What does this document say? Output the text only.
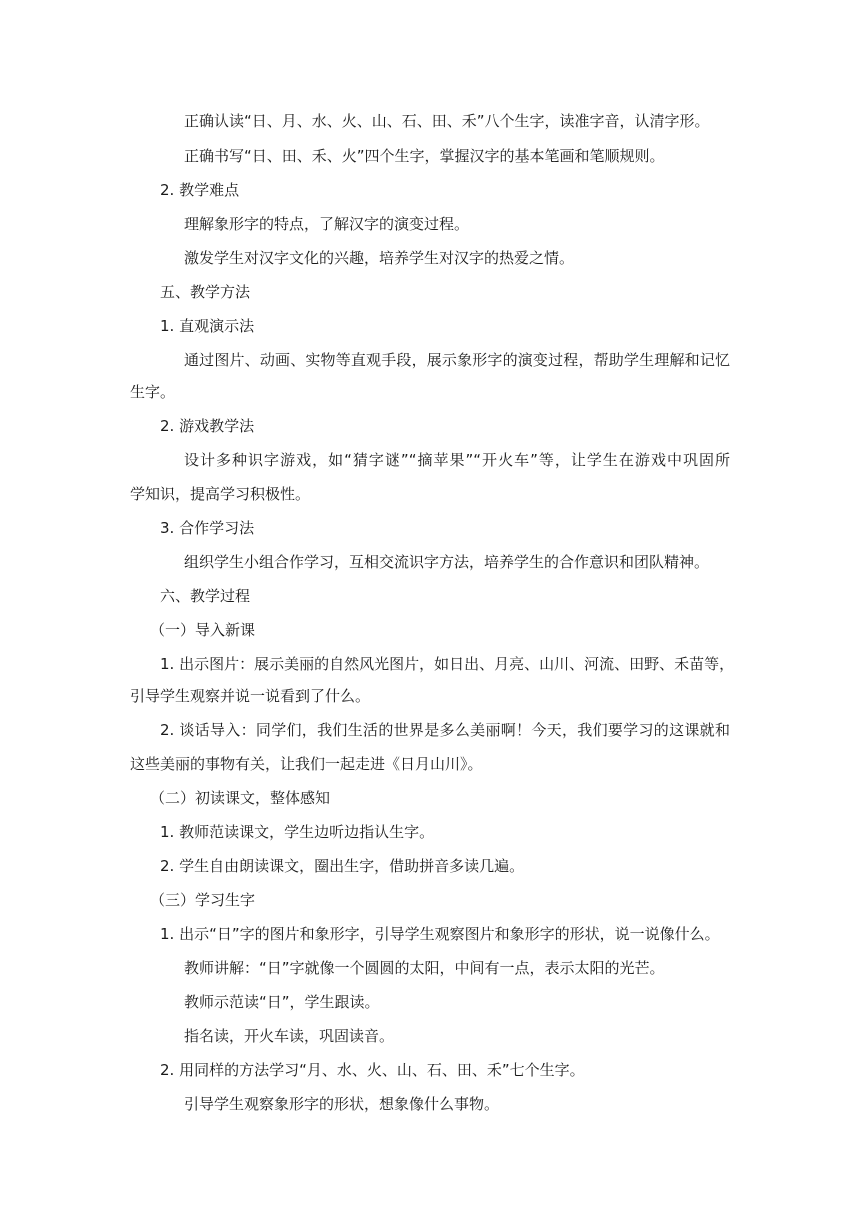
正确认读“日、月、水、火、山、石、田、禾”八个生字，读准字音，认清字形。
正确书写“日、田、禾、火”四个生字，掌握汉字的基本笔画和笔顺规则。
2. 教学难点
理解象形字的特点，了解汉字的演变过程。
激发学生对汉字文化的兴趣，培养学生对汉字的热爱之情。
五、教学方法
1. 直观演示法
通过图片、动画、实物等直观手段，展示象形字的演变过程，帮助学生理解和记忆
生字。
2. 游戏教学法
设计多种识字游戏，如“猜字谜”“摘苹果”“开火车”等，让学生在游戏中巩固所
学知识，提高学习积极性。
3. 合作学习法
组织学生小组合作学习，互相交流识字方法，培养学生的合作意识和团队精神。
六、教学过程
（一）导入新课
1. 出示图片：展示美丽的自然风光图片，如日出、月亮、山川、河流、田野、禾苗等，
引导学生观察并说一说看到了什么。
2. 谈话导入：同学们，我们生活的世界是多么美丽啊！今天，我们要学习的这课就和
这些美丽的事物有关，让我们一起走进《日月山川》。
（二）初读课文，整体感知
1. 教师范读课文，学生边听边指认生字。
2. 学生自由朗读课文，圈出生字，借助拼音多读几遍。
（三）学习生字
1. 出示“日”字的图片和象形字，引导学生观察图片和象形字的形状，说一说像什么。
教师讲解：“日”字就像一个圆圆的太阳，中间有一点，表示太阳的光芒。
教师示范读“日”，学生跟读。
指名读，开火车读，巩固读音。
2. 用同样的方法学习“月、水、火、山、石、田、禾”七个生字。
引导学生观察象形字的形状，想象像什么事物。
